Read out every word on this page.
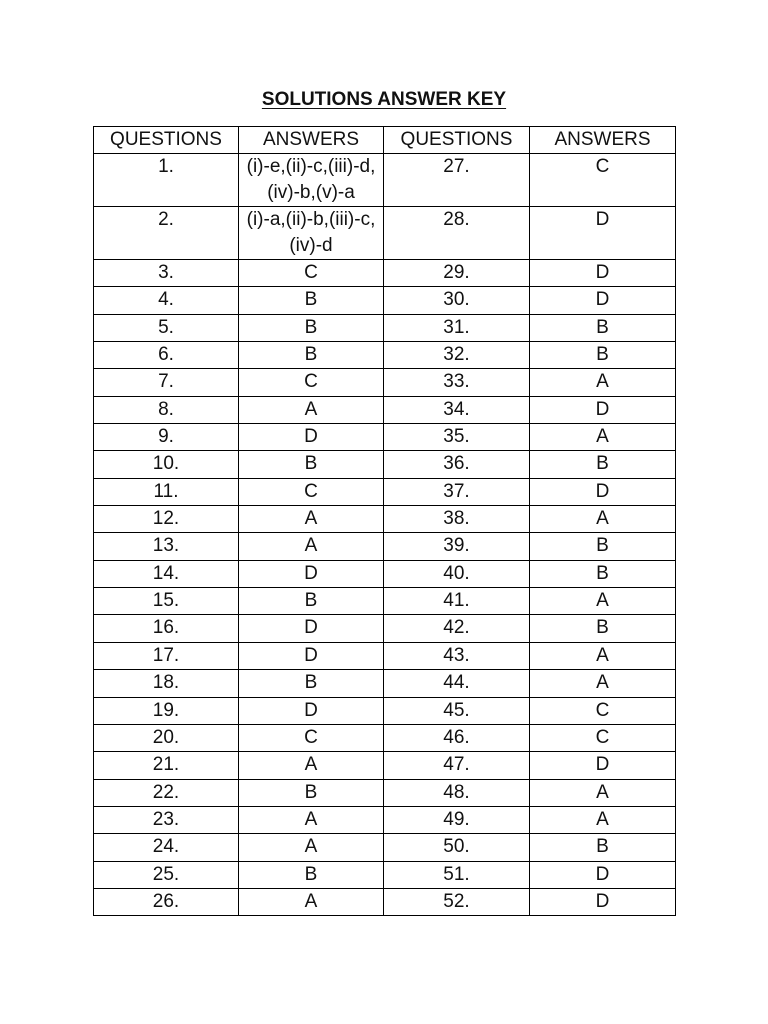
SOLUTIONS ANSWER KEY
QUESTIONS	ANSWERS	QUESTIONS	ANSWERS
1.	(i)-e,(ii)-c,(iii)-d,(iv)-b,(v)-a	27.	C
2.	(i)-a,(ii)-b,(iii)-c,(iv)-d	28.	D
3.	C	29.	D
4.	B	30.	D
5.	B	31.	B
6.	B	32.	B
7.	C	33.	A
8.	A	34.	D
9.	D	35.	A
10.	B	36.	B
11.	C	37.	D
12.	A	38.	A
13.	A	39.	B
14.	D	40.	B
15.	B	41.	A
16.	D	42.	B
17.	D	43.	A
18.	B	44.	A
19.	D	45.	C
20.	C	46.	C
21.	A	47.	D
22.	B	48.	A
23.	A	49.	A
24.	A	50.	B
25.	B	51.	D
26.	A	52.	D
